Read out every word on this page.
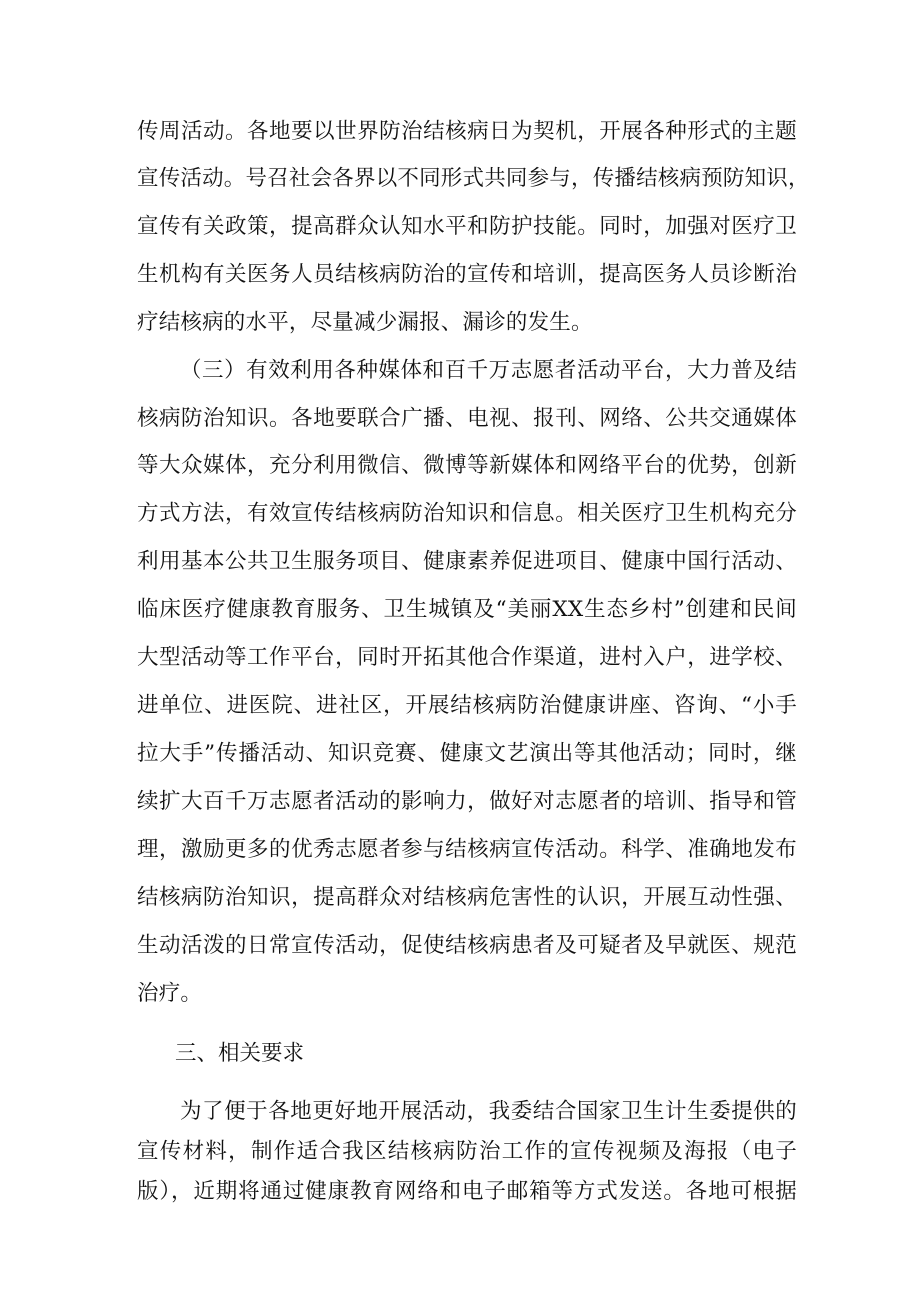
传周活动。各地要以世界防治结核病日为契机，开展各种形式的主题
宣传活动。号召社会各界以不同形式共同参与，传播结核病预防知识，
宣传有关政策，提高群众认知水平和防护技能。同时，加强对医疗卫
生机构有关医务人员结核病防治的宣传和培训，提高医务人员诊断治
疗结核病的水平，尽量减少漏报、漏诊的发生。
（三）有效利用各种媒体和百千万志愿者活动平台，大力普及结
核病防治知识。各地要联合广播、电视、报刊、网络、公共交通媒体
等大众媒体，充分利用微信、微博等新媒体和网络平台的优势，创新
方式方法，有效宣传结核病防治知识和信息。相关医疗卫生机构充分
利用基本公共卫生服务项目、健康素养促进项目、健康中国行活动、
临床医疗健康教育服务、卫生城镇及“美丽XX生态乡村”创建和民间
大型活动等工作平台，同时开拓其他合作渠道，进村入户，进学校、
进单位、进医院、进社区，开展结核病防治健康讲座、咨询、“小手
拉大手”传播活动、知识竞赛、健康文艺演出等其他活动；同时，继
续扩大百千万志愿者活动的影响力，做好对志愿者的培训、指导和管
理，激励更多的优秀志愿者参与结核病宣传活动。科学、准确地发布
结核病防治知识，提高群众对结核病危害性的认识，开展互动性强、
生动活泼的日常宣传活动，促使结核病患者及可疑者及早就医、规范
治疗。
三、相关要求
为了便于各地更好地开展活动，我委结合国家卫生计生委提供的
宣传材料，制作适合我区结核病防治工作的宣传视频及海报（电子
版），近期将通过健康教育网络和电子邮箱等方式发送。各地可根据
